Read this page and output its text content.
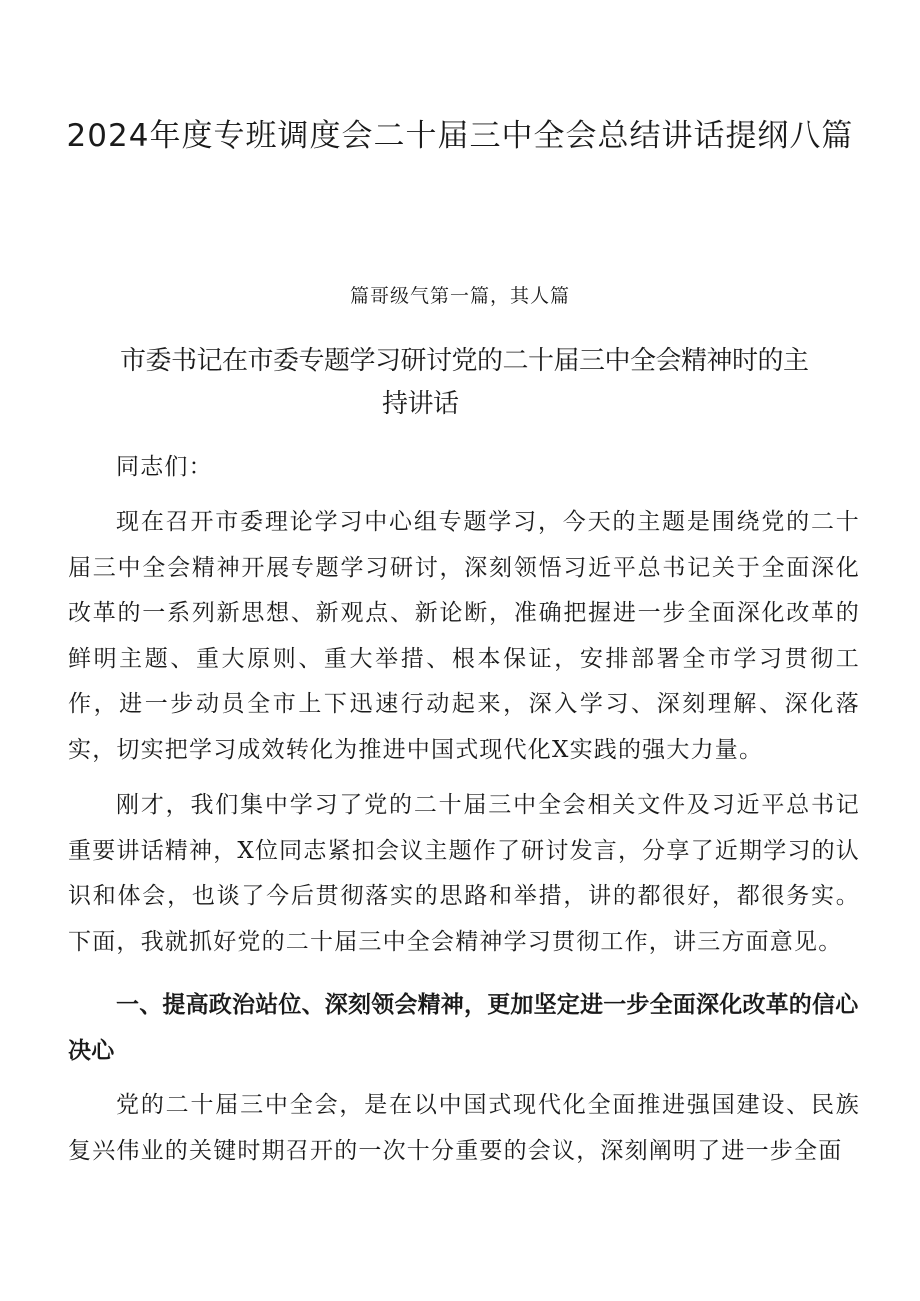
2024年度专班调度会二十届三中全会总结讲话提纲八篇

篇哥级气第一篇，其人篇

市委书记在市委专题学习研讨党的二十届三中全会精神时的主
持讲话

同志们：

现在召开市委理论学习中心组专题学习，今天的主题是围绕党的二十届三中全会精神开展专题学习研讨，深刻领悟习近平总书记关于全面深化改革的一系列新思想、新观点、新论断，准确把握进一步全面深化改革的鲜明主题、重大原则、重大举措、根本保证，安排部署全市学习贯彻工作，进一步动员全市上下迅速行动起来，深入学习、深刻理解、深化落实，切实把学习成效转化为推进中国式现代化X实践的强大力量。

刚才，我们集中学习了党的二十届三中全会相关文件及习近平总书记重要讲话精神，X位同志紧扣会议主题作了研讨发言，分享了近期学习的认识和体会，也谈了今后贯彻落实的思路和举措，讲的都很好，都很务实。下面，我就抓好党的二十届三中全会精神学习贯彻工作，讲三方面意见。

一、提高政治站位、深刻领会精神，更加坚定进一步全面深化改革的信心决心

党的二十届三中全会，是在以中国式现代化全面推进强国建设、民族复兴伟业的关键时期召开的一次十分重要的会议，深刻阐明了进一步全面
